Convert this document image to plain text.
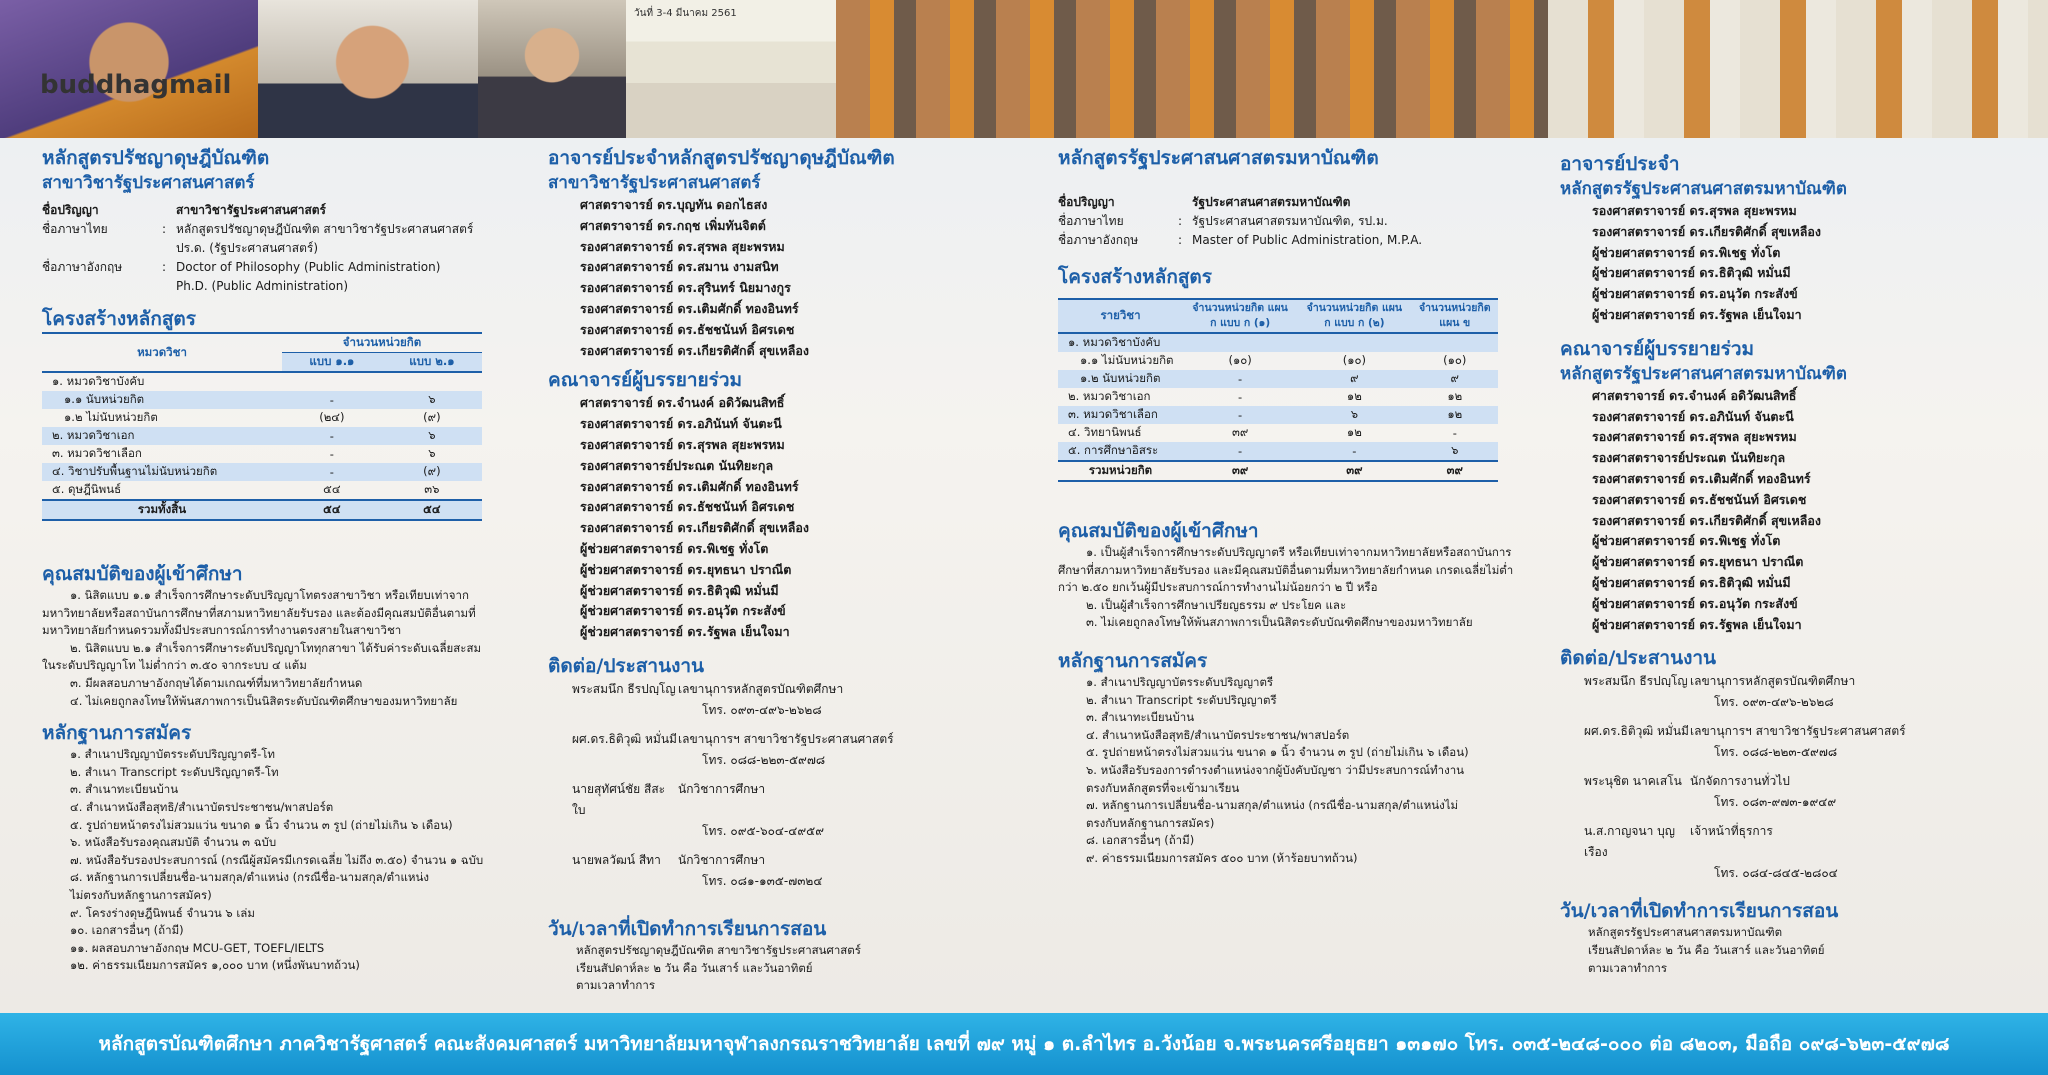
buddhagmail
วันที่ 3-4 มีนาคม 2561
หลักสูตรปรัชญาดุษฎีบัณฑิต
สาขาวิชารัฐประศาสนศาสตร์
ชื่อปริญญา	สาขาวิชารัฐประศาสนศาสตร์
ชื่อภาษาไทย	: หลักสูตรปรัชญาดุษฎีบัณฑิต สาขาวิชารัฐประศาสนศาสตร์
ปร.ด. (รัฐประศาสนศาสตร์)
ชื่อภาษาอังกฤษ	: Doctor of Philosophy (Public Administration)
Ph.D. (Public Administration)
โครงสร้างหลักสูตร
หมวดวิชา	จำนวนหน่วยกิต	
	แบบ ๑.๑	แบบ ๒.๑
๑. หมวดวิชาบังคับ		
๑.๑ นับหน่วยกิต	-	๖
๑.๒ ไม่นับหน่วยกิต	(๒๔)	(๙)
๒. หมวดวิชาเอก	-	๖
๓. หมวดวิชาเลือก	-	๖
๔. วิชาปรับพื้นฐานไม่นับหน่วยกิต	-	(๙)
๕. ดุษฎีนิพนธ์	๕๔	๓๖
รวมทั้งสิ้น	๕๔	๕๔
คุณสมบัติของผู้เข้าศึกษา
๑. นิสิตแบบ ๑.๑ สำเร็จการศึกษาระดับปริญญาโทตรงสาขาวิชา หรือเทียบเท่าจากมหาวิทยาลัยหรือสถาบันการศึกษาที่สภามหาวิทยาลัยรับรอง และต้องมีคุณสมบัติอื่นตามที่มหาวิทยาลัยกำหนดรวมทั้งมีประสบการณ์การทำงานตรงสายในสาขาวิชา
๒. นิสิตแบบ ๒.๑ สำเร็จการศึกษาระดับปริญญาโททุกสาขา ได้รับค่าระดับเฉลี่ยสะสมในระดับปริญญาโท ไม่ต่ำกว่า ๓.๕๐ จากระบบ ๔ แต้ม
๓. มีผลสอบภาษาอังกฤษได้ตามเกณฑ์ที่มหาวิทยาลัยกำหนด
๔. ไม่เคยถูกลงโทษให้พ้นสภาพการเป็นนิสิตระดับบัณฑิตศึกษาของมหาวิทยาลัย
หลักฐานการสมัคร
๑. สำเนาปริญญาบัตรระดับปริญญาตรี-โท
๒. สำเนา Transcript ระดับปริญญาตรี-โท
๓. สำเนาทะเบียนบ้าน
๔. สำเนาหนังสือสุทธิ/สำเนาบัตรประชาชน/พาสปอร์ต
๕. รูปถ่ายหน้าตรงไม่สวมแว่น ขนาด ๑ นิ้ว จำนวน ๓ รูป (ถ่ายไม่เกิน ๖ เดือน)
๖. หนังสือรับรองคุณสมบัติ จำนวน ๓ ฉบับ
๗. หนังสือรับรองประสบการณ์ (กรณีผู้สมัครมีเกรดเฉลี่ย ไม่ถึง ๓.๕๐) จำนวน ๑ ฉบับ
๘. หลักฐานการเปลี่ยนชื่อ-นามสกุล/ตำแหน่ง (กรณีชื่อ-นามสกุล/ตำแหน่ง
ไม่ตรงกับหลักฐานการสมัคร)
๙. โครงร่างดุษฎีนิพนธ์ จำนวน ๖ เล่ม
๑๐. เอกสารอื่นๆ (ถ้ามี)
๑๑. ผลสอบภาษาอังกฤษ MCU-GET, TOEFL/IELTS
๑๒. ค่าธรรมเนียมการสมัคร ๑,๐๐๐ บาท (หนึ่งพันบาทถ้วน)
อาจารย์ประจำหลักสูตรปรัชญาดุษฎีบัณฑิต
สาขาวิชารัฐประศาสนศาสตร์
ศาสตราจารย์ ดร.บุญทัน ดอกไธสง
ศาสตราจารย์ ดร.กฤช เพิ่มทันจิตต์
รองศาสตราจารย์ ดร.สุรพล สุยะพรหม
รองศาสตราจารย์ ดร.สมาน งามสนิท
รองศาสตราจารย์ ดร.สุรินทร์ นิยมางกูร
รองศาสตราจารย์ ดร.เติมศักดิ์ ทองอินทร์
รองศาสตราจารย์ ดร.ธัชชนันท์ อิศรเดช
รองศาสตราจารย์ ดร.เกียรติศักดิ์ สุขเหลือง
คณาจารย์ผู้บรรยายร่วม
ศาสตราจารย์ ดร.จำนงค์ อดิวัฒนสิทธิ์
รองศาสตราจารย์ ดร.อภินันท์ จันตะนี
รองศาสตราจารย์ ดร.สุรพล สุยะพรหม
รองศาสตราจารย์ประณต นันทิยะกุล
รองศาสตราจารย์ ดร.เติมศักดิ์ ทองอินทร์
รองศาสตราจารย์ ดร.ธัชชนันท์ อิศรเดช
รองศาสตราจารย์ ดร.เกียรติศักดิ์ สุขเหลือง
ผู้ช่วยศาสตราจารย์ ดร.พิเชฐ ทั่งโต
ผู้ช่วยศาสตราจารย์ ดร.ยุทธนา ปราณีต
ผู้ช่วยศาสตราจารย์ ดร.ธิติวุฒิ หมั่นมี
ผู้ช่วยศาสตราจารย์ ดร.อนุวัต กระสังข์
ผู้ช่วยศาสตราจารย์ ดร.รัฐพล เย็นใจมา
ติดต่อ/ประสานงาน
พระสมนึก ธีรปญฺโญ เลขานุการหลักสูตรบัณฑิตศึกษา
โทร. ๐๙๓-๔๙๖-๒๖๒๘
ผศ.ดร.ธิติวุฒิ หมั่นมี เลขานุการฯ สาขาวิชารัฐประศาสนศาสตร์
โทร. ๐๘๘-๒๒๓-๕๙๗๘
นายสุทัศน์ชัย สีสะใบ
นักวิชาการศึกษา
โทร. ๐๙๕-๖๐๔-๔๙๕๙
นายพลวัฒน์ สีทา	นักวิชาการศึกษา
โทร. ๐๘๑-๑๓๕-๗๓๒๔
วัน/เวลาที่เปิดทำการเรียนการสอน
หลักสูตรปรัชญาดุษฎีบัณฑิต สาขาวิชารัฐประศาสนศาสตร์
เรียนสัปดาห์ละ ๒ วัน คือ วันเสาร์ และวันอาทิตย์
ตามเวลาทำการ
หลักสูตรรัฐประศาสนศาสตรมหาบัณฑิต
ชื่อปริญญา	รัฐประศาสนศาสตรมหาบัณฑิต
ชื่อภาษาไทย	: รัฐประศาสนศาสตรมหาบัณฑิต, รป.ม.
ชื่อภาษาอังกฤษ	: Master of Public Administration, M.P.A.
โครงสร้างหลักสูตร
รายวิชา	จำนวนหน่วยกิต แผน ก แบบ ก (๑)	จำนวนหน่วยกิต แผน ก แบบ ก (๒)	จำนวนหน่วยกิต แผน ข
๑. หมวดวิชาบังคับ			
๑.๑ ไม่นับหน่วยกิต	(๑๐)	(๑๐)	(๑๐)
๑.๒ นับหน่วยกิต	-	๙	๙
๒. หมวดวิชาเอก	-	๑๒	๑๒
๓. หมวดวิชาเลือก	-	๖	๑๒
๔. วิทยานิพนธ์	๓๙	๑๒	-
๕. การศึกษาอิสระ	-	-	๖
รวมหน่วยกิต	๓๙	๓๙	๓๙
คุณสมบัติของผู้เข้าศึกษา
๑. เป็นผู้สำเร็จการศึกษาระดับปริญญาตรี หรือเทียบเท่าจากมหาวิทยาลัยหรือสถาบันการศึกษาที่สภามหาวิทยาลัยรับรอง และมีคุณสมบัติอื่นตามที่มหาวิทยาลัยกำหนด เกรดเฉลี่ยไม่ต่ำกว่า ๒.๕๐ ยกเว้นผู้มีประสบการณ์การทำงานไม่น้อยกว่า ๒ ปี หรือ
๒. เป็นผู้สำเร็จการศึกษาเปรียญธรรม ๙ ประโยค และ
๓. ไม่เคยถูกลงโทษให้พ้นสภาพการเป็นนิสิตระดับบัณฑิตศึกษาของมหาวิทยาลัย
หลักฐานการสมัคร
๑. สำเนาปริญญาบัตรระดับปริญญาตรี
๒. สำเนา Transcript ระดับปริญญาตรี
๓. สำเนาทะเบียนบ้าน
๔. สำเนาหนังสือสุทธิ/สำเนาบัตรประชาชน/พาสปอร์ต
๕. รูปถ่ายหน้าตรงไม่สวมแว่น ขนาด ๑ นิ้ว จำนวน ๓ รูป (ถ่ายไม่เกิน ๖ เดือน)
๖. หนังสือรับรองการดำรงตำแหน่งจากผู้บังคับบัญชา ว่ามีประสบการณ์ทำงาน
ตรงกับหลักสูตรที่จะเข้ามาเรียน
๗. หลักฐานการเปลี่ยนชื่อ-นามสกุล/ตำแหน่ง (กรณีชื่อ-นามสกุล/ตำแหน่งไม่
ตรงกับหลักฐานการสมัคร)
๘. เอกสารอื่นๆ (ถ้ามี)
๙. ค่าธรรมเนียมการสมัคร ๕๐๐ บาท (ห้าร้อยบาทถ้วน)
อาจารย์ประจำ
หลักสูตรรัฐประศาสนศาสตรมหาบัณฑิต
รองศาสตราจารย์ ดร.สุรพล สุยะพรหม
รองศาสตราจารย์ ดร.เกียรติศักดิ์ สุขเหลือง
ผู้ช่วยศาสตราจารย์ ดร.พิเชฐ ทั่งโต
ผู้ช่วยศาสตราจารย์ ดร.ธิติวุฒิ หมั่นมี
ผู้ช่วยศาสตราจารย์ ดร.อนุวัต กระสังข์
ผู้ช่วยศาสตราจารย์ ดร.รัฐพล เย็นใจมา
คณาจารย์ผู้บรรยายร่วม
หลักสูตรรัฐประศาสนศาสตรมหาบัณฑิต
ศาสตราจารย์ ดร.จำนงค์ อดิวัฒนสิทธิ์
รองศาสตราจารย์ ดร.อภินันท์ จันตะนี
รองศาสตราจารย์ ดร.สุรพล สุยะพรหม
รองศาสตราจารย์ประณต นันทิยะกุล
รองศาสตราจารย์ ดร.เติมศักดิ์ ทองอินทร์
รองศาสตราจารย์ ดร.ธัชชนันท์ อิศรเดช
รองศาสตราจารย์ ดร.เกียรติศักดิ์ สุขเหลือง
ผู้ช่วยศาสตราจารย์ ดร.พิเชฐ ทั่งโต
ผู้ช่วยศาสตราจารย์ ดร.ยุทธนา ปราณีต
ผู้ช่วยศาสตราจารย์ ดร.ธิติวุฒิ หมั่นมี
ผู้ช่วยศาสตราจารย์ ดร.อนุวัต กระสังข์
ผู้ช่วยศาสตราจารย์ ดร.รัฐพล เย็นใจมา
ติดต่อ/ประสานงาน
พระสมนึก ธีรปญฺโญ เลขานุการหลักสูตรบัณฑิตศึกษา
โทร. ๐๙๓-๔๙๖-๒๖๒๘
ผศ.ดร.ธิติวุฒิ หมั่นมี เลขานุการฯ สาขาวิชารัฐประศาสนศาสตร์
โทร. ๐๘๘-๒๒๓-๕๙๗๘
พระนุชิต นาคเสโน นักจัดการงานทั่วไป
โทร. ๐๘๓-๙๗๓-๑๙๔๙
น.ส.กาญจนา บุญเรือง
เจ้าหน้าที่ธุรการ
โทร. ๐๘๔-๘๔๕-๒๘๐๔
วัน/เวลาที่เปิดทำการเรียนการสอน
หลักสูตรรัฐประศาสนศาสตรมหาบัณฑิต
เรียนสัปดาห์ละ ๒ วัน คือ วันเสาร์ และวันอาทิตย์
ตามเวลาทำการ
หลักสูตรบัณฑิตศึกษา ภาควิชารัฐศาสตร์ คณะสังคมศาสตร์ มหาวิทยาลัยมหาจุฬาลงกรณราชวิทยาลัย เลขที่ ๗๙ หมู่ ๑ ต.ลำไทร อ.วังน้อย จ.พระนครศรีอยุธยา ๑๓๑๗๐ โทร. ๐๓๕-๒๔๘-๐๐๐ ต่อ ๘๒๐๓, มือถือ ๐๙๘-๖๒๓-๕๙๗๘
